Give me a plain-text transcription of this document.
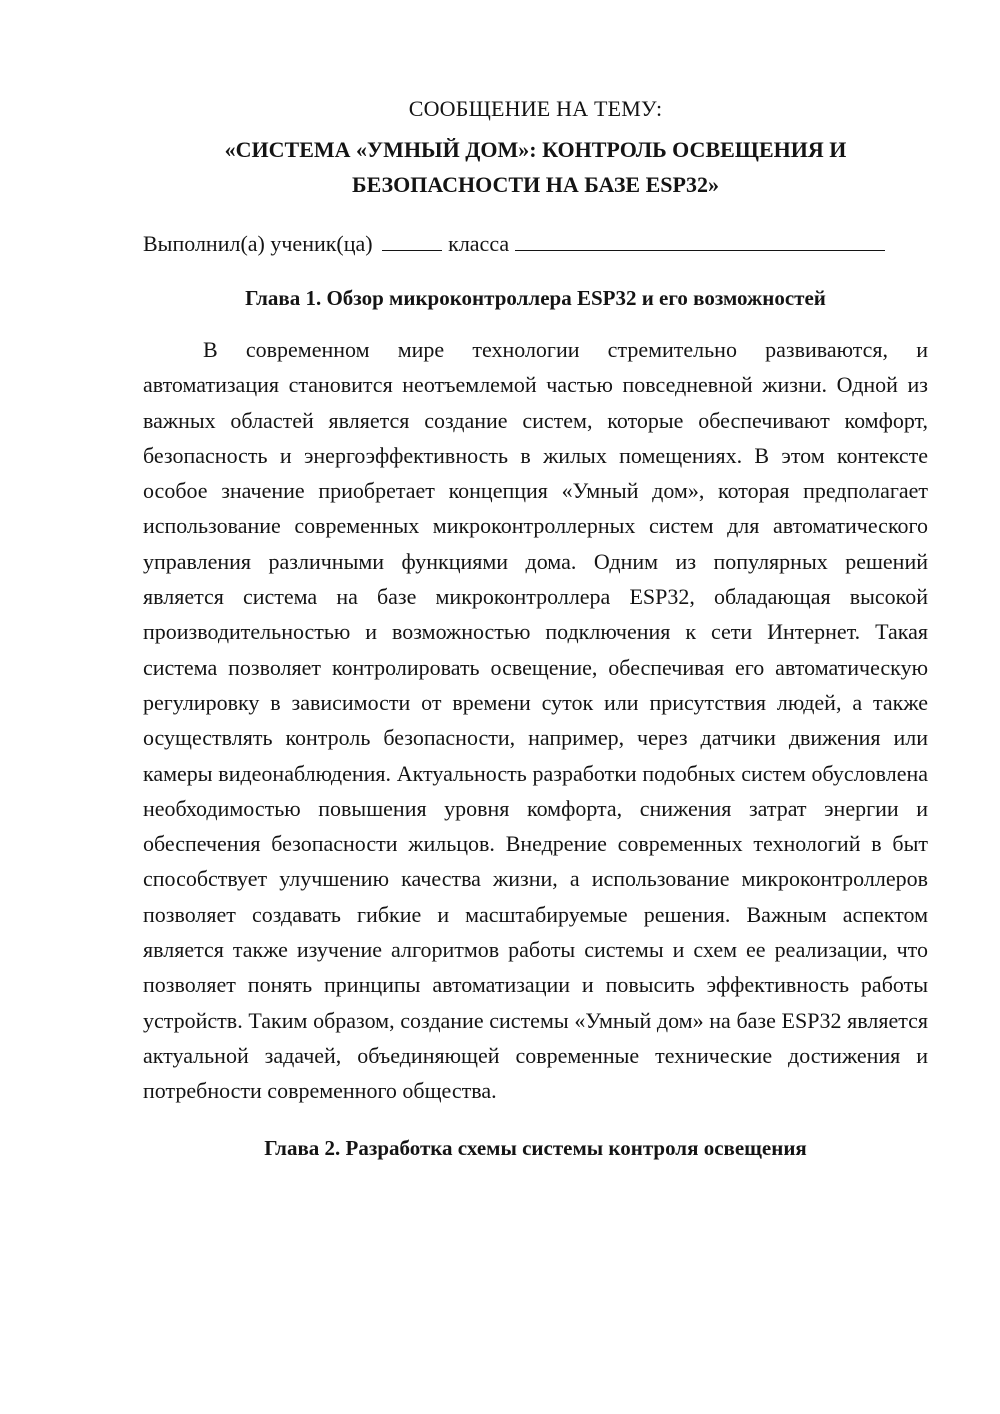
СООБЩЕНИЕ НА ТЕМУ:
«СИСТЕМА «УМНЫЙ ДОМ»: КОНТРОЛЬ ОСВЕЩЕНИЯ И БЕЗОПАСНОСТИ НА БАЗЕ ESP32»
Выполнил(а) ученик(ца)	класса
Глава 1. Обзор микроконтроллера ESP32 и его возможностей

В современном мире технологии стремительно развиваются, и автоматизация становится неотъемлемой частью повседневной жизни. Одной из важных областей является создание систем, которые обеспечивают комфорт, безопасность и энергоэффективность в жилых помещениях. В этом контексте особое значение приобретает концепция «Умный дом», которая предполагает использование современных микроконтроллерных систем для автоматического управления различными функциями дома. Одним из популярных решений является система на базе микроконтроллера ESP32, обладающая высокой производительностью и возможностью подключения к сети Интернет. Такая система позволяет контролировать освещение, обеспечивая его автоматическую регулировку в зависимости от времени суток или присутствия людей, а также осуществлять контроль безопасности, например, через датчики движения или камеры видеонаблюдения. Актуальность разработки подобных систем обусловлена необходимостью повышения уровня комфорта, снижения затрат энергии и обеспечения безопасности жильцов. Внедрение современных технологий в быт способствует улучшению качества жизни, а использование микроконтроллеров позволяет создавать гибкие и масштабируемые решения. Важным аспектом является также изучение алгоритмов работы системы и схем ее реализации, что позволяет понять принципы автоматизации и повысить эффективность работы устройств. Таким образом, создание системы «Умный дом» на базе ESP32 является актуальной задачей, объединяющей современные технические достижения и потребности современного общества.

Глава 2. Разработка схемы системы контроля освещения
